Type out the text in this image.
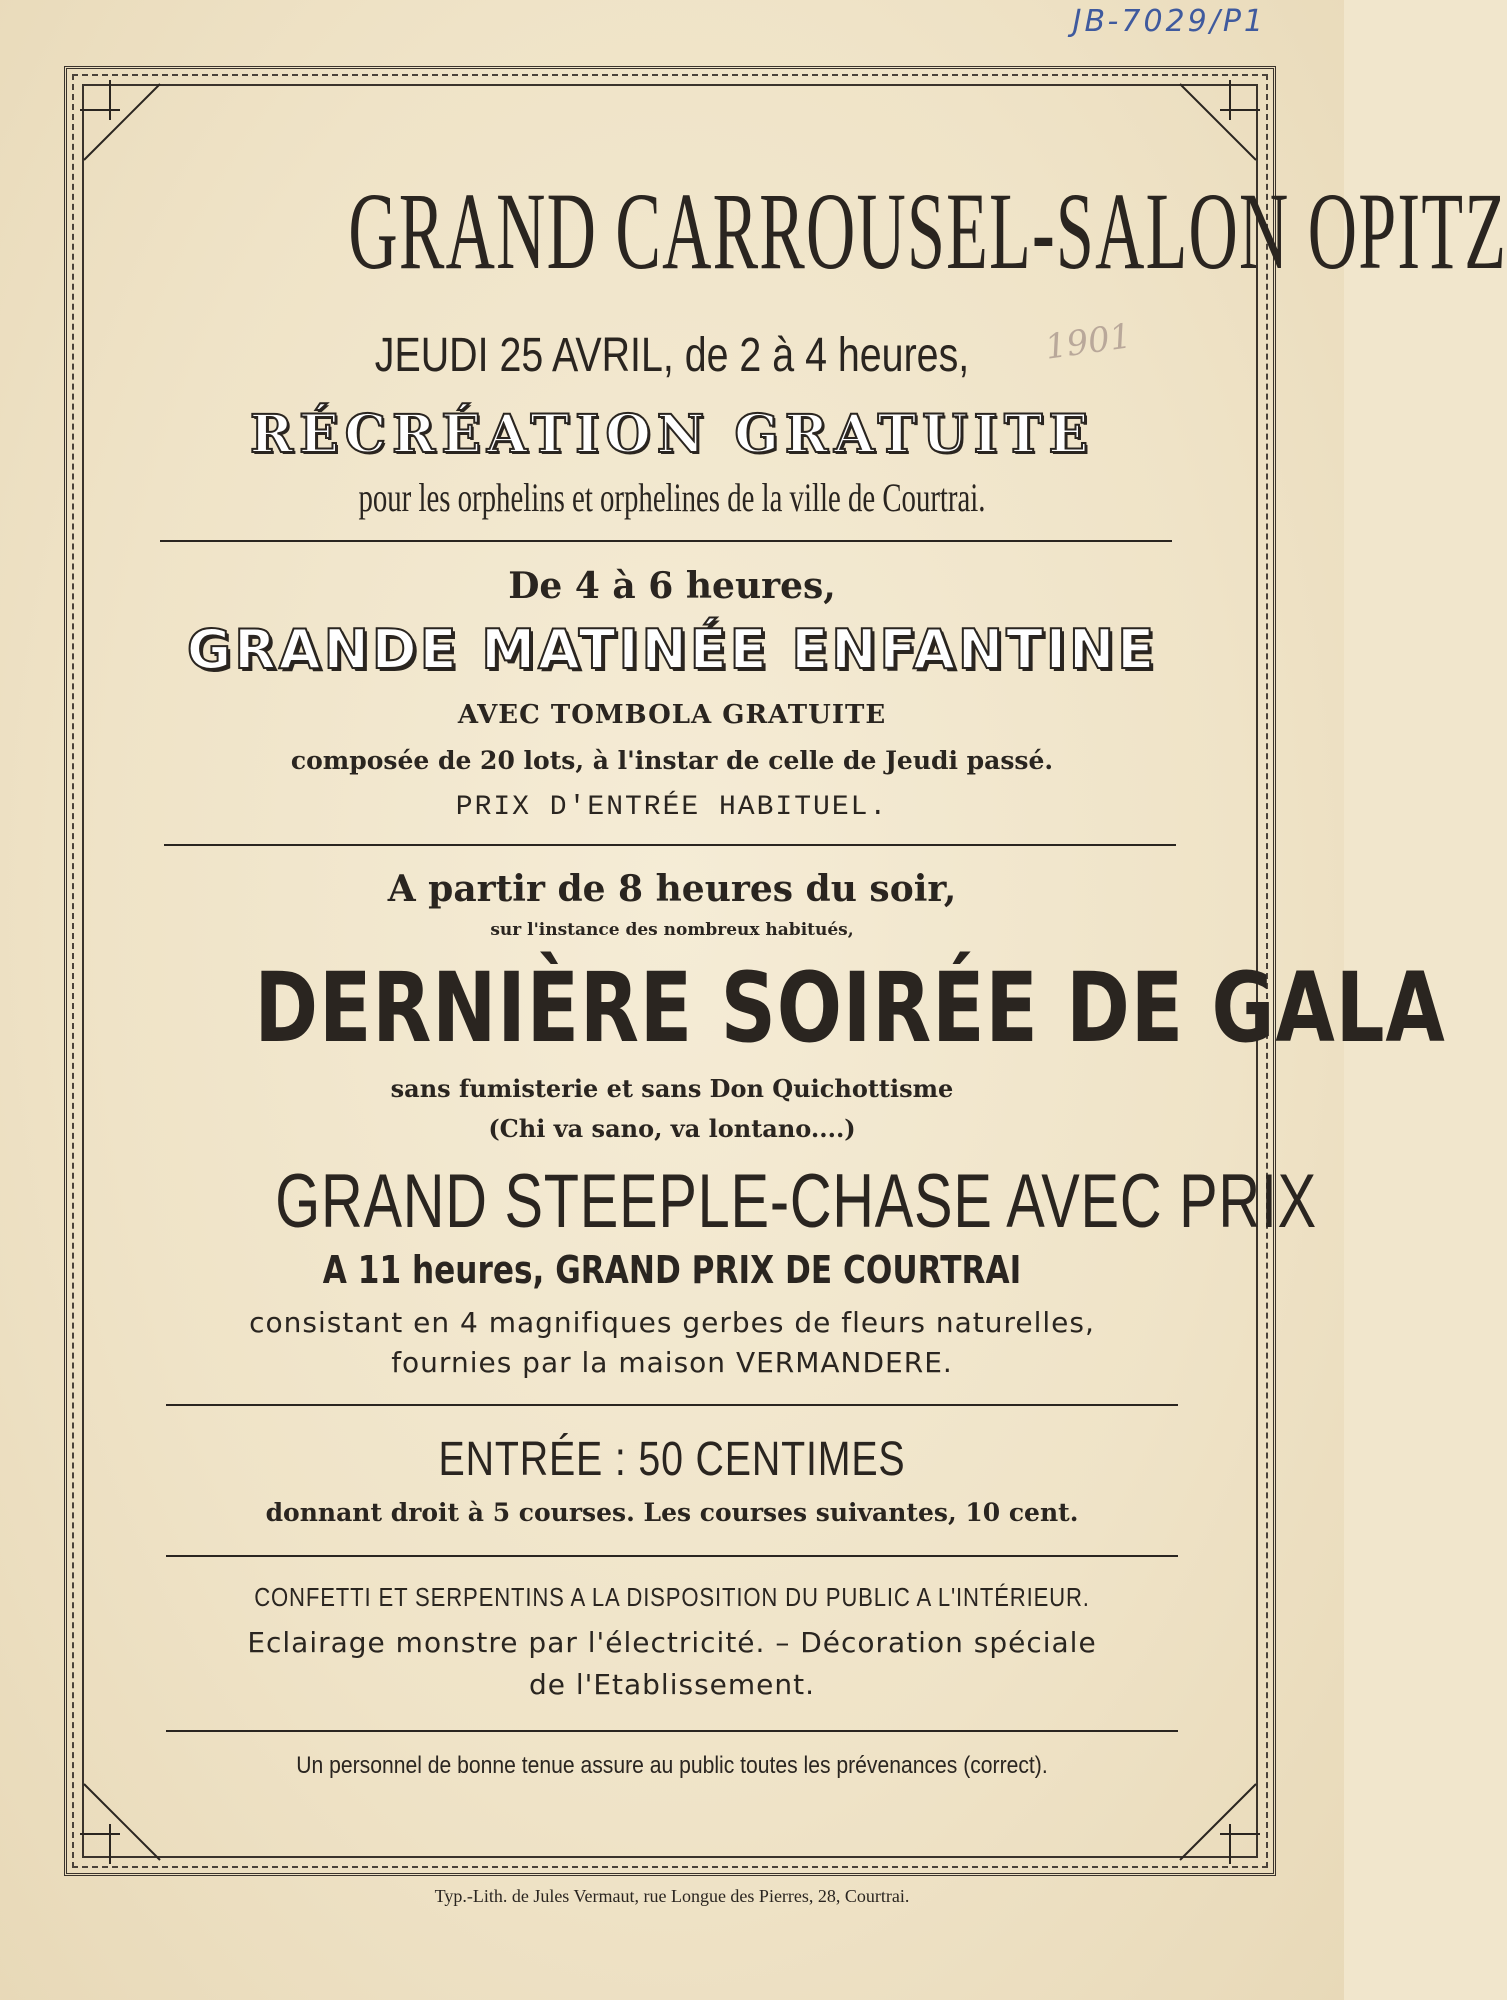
JB-7029/P1
1901
GRAND CARROUSEL-SALON OPITZ
JEUDI 25 AVRIL, de 2 à 4 heures,
RÉCRÉATION GRATUITE
pour les orphelins et orphelines de la ville de Courtrai.
De 4 à 6 heures,
GRANDE MATINÉE ENFANTINE
AVEC TOMBOLA GRATUITE
composée de 20 lots, à l'instar de celle de Jeudi passé.
PRIX D'ENTRÉE HABITUEL.
A partir de 8 heures du soir,
sur l'instance des nombreux habitués,
DERNIÈRE SOIRÉE DE GALA
sans fumisterie et sans Don Quichottisme
(Chi va sano, va lontano....)
GRAND STEEPLE-CHASE AVEC PRIX
A 11 heures, GRAND PRIX DE COURTRAI
consistant en 4 magnifiques gerbes de fleurs naturelles,
fournies par la maison VERMANDERE.
ENTRÉE : 50 CENTIMES
donnant droit à 5 courses. Les courses suivantes, 10 cent.
CONFETTI ET SERPENTINS A LA DISPOSITION DU PUBLIC A L'INTÉRIEUR.
Eclairage monstre par l'électricité. – Décoration spéciale
de l'Etablissement.
Un personnel de bonne tenue assure au public toutes les prévenances (correct).
Typ.-Lith. de Jules Vermaut, rue Longue des Pierres, 28, Courtrai.
